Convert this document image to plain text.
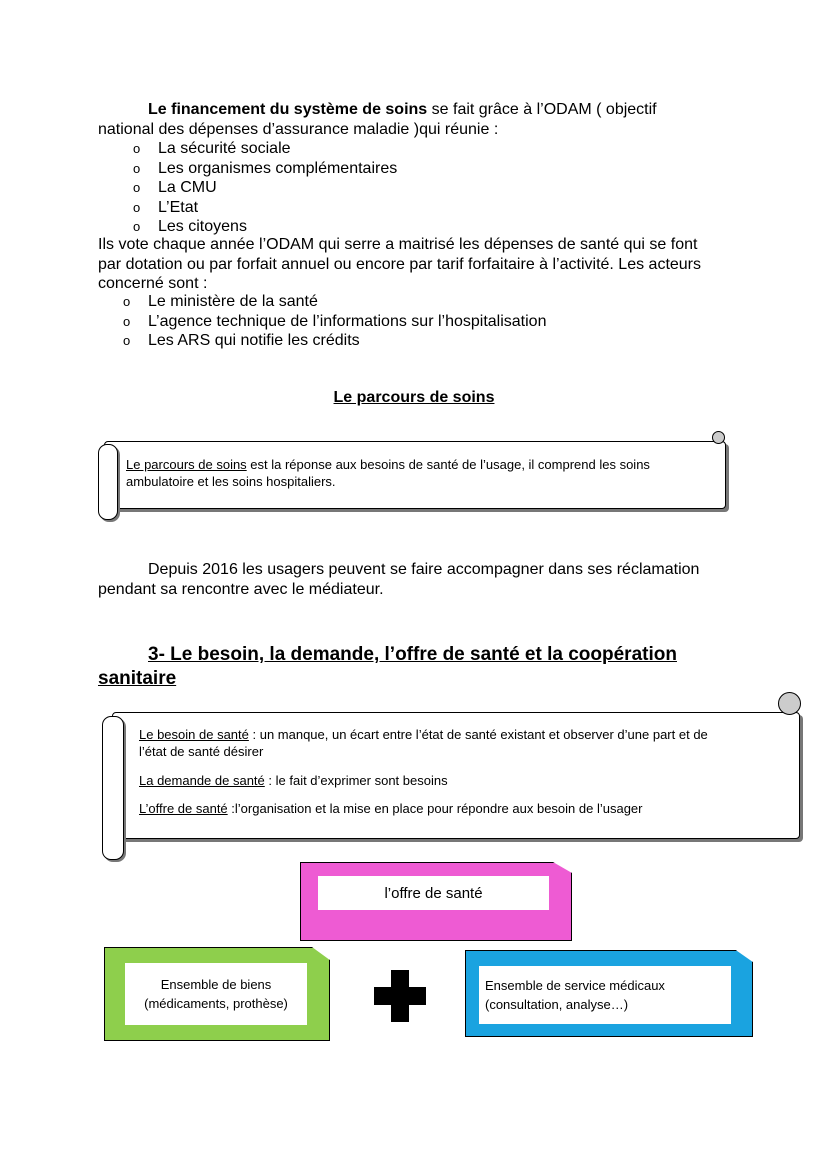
Le financement du système de soins se fait grâce à l’ODAM ( objectif
national des dépenses d’assurance maladie )qui réunie :
o La sécurité sociale
o Les organismes complémentaires
o La CMU
o L’Etat
o Les citoyens
Ils vote chaque année l’ODAM qui serre a maitrisé les dépenses de santé qui se font
par dotation ou par forfait annuel ou encore par tarif forfaitaire à l’activité. Les acteurs
concerné sont :
o Le ministère de la santé
o L’agence technique de l’informations sur l’hospitalisation
o Les ARS qui notifie les crédits
Le parcours de soins
Le parcours de soins est la réponse aux besoins de santé de l’usage, il comprend les soins
ambulatoire et les soins hospitaliers.
Depuis 2016 les usagers peuvent se faire accompagner dans ses réclamation
pendant sa rencontre avec le médiateur.
3- Le besoin, la demande, l’offre de santé et la coopération
sanitaire
Le besoin de santé : un manque, un écart entre l’état de santé existant et observer d’une part et de
l’état de santé désirer
La demande de santé : le fait d’exprimer sont besoins
L’offre de santé :l’organisation et la mise en place pour répondre aux besoin de l’usager
l’offre de santé
Ensemble de biens
(médicaments, prothèse)
Ensemble de service médicaux
(consultation, analyse…)
